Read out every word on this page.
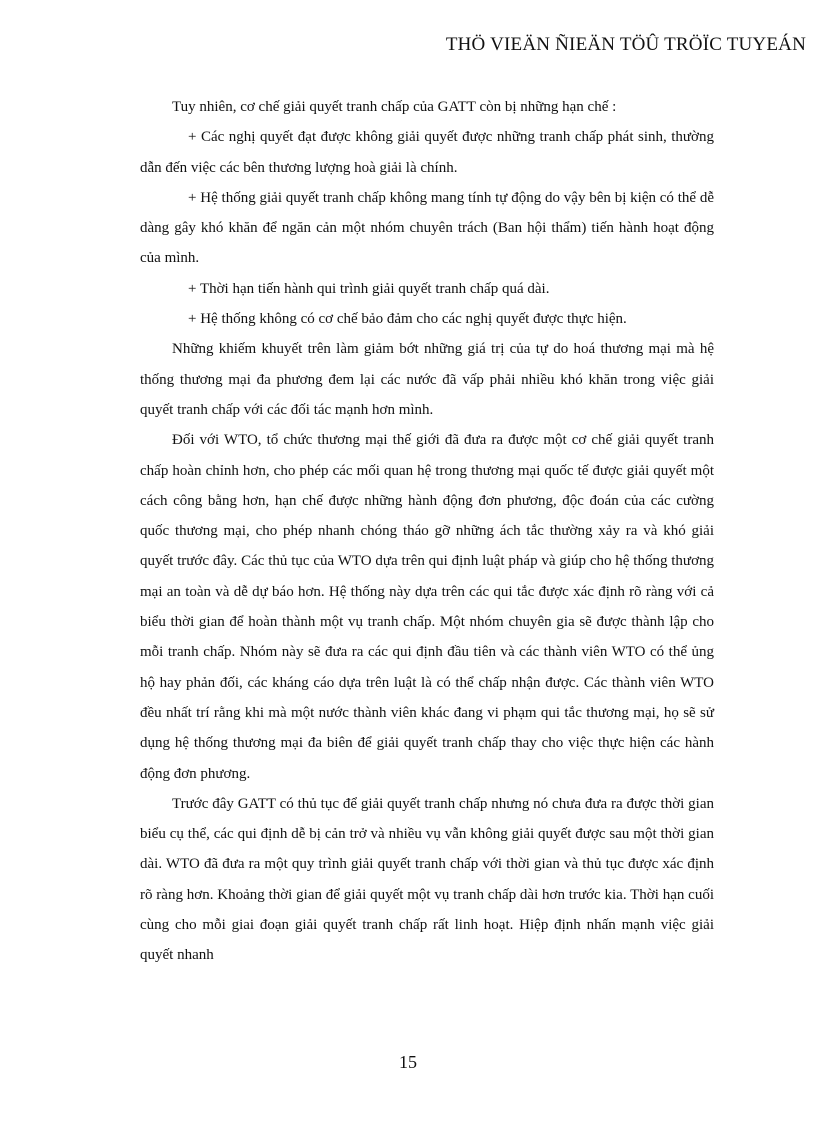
THÖ VIEÄN ÑIEÄN TÖÛ TRÖÏC TUYEÁN

Tuy nhiên, cơ chế giải quyết tranh chấp của GATT còn bị những hạn chế :

+ Các nghị quyết đạt được không giải quyết được những tranh chấp phát sinh, thường dẫn đến việc các bên thương lượng hoà giải là chính.

+ Hệ thống giải quyết tranh chấp không mang tính tự động do vậy bên bị kiện có thể dễ dàng gây khó khăn để ngăn cản một nhóm chuyên trách (Ban hội thẩm) tiến hành hoạt động của mình.

+ Thời hạn tiến hành qui trình giải quyết tranh chấp quá dài.

+ Hệ thống không có cơ chế bảo đảm cho các nghị quyết được thực hiện.

Những khiếm khuyết trên làm giảm bớt những giá trị của tự do hoá thương mại mà hệ thống thương mại đa phương đem lại các nước đã vấp phải nhiều khó khăn trong việc giải quyết tranh chấp với các đối tác mạnh hơn mình.

Đối với WTO, tổ chức thương mại thế giới đã đưa ra được một cơ chế giải quyết tranh chấp hoàn chỉnh hơn, cho phép các mối quan hệ trong thương mại quốc tế được giải quyết một cách công bằng hơn, hạn chế được những hành động đơn phương, độc đoán của các cường quốc thương mại, cho phép nhanh chóng tháo gỡ những ách tắc thường xảy ra và khó giải quyết trước đây. Các thủ tục của WTO dựa trên qui định luật pháp và giúp cho hệ thống thương mại an toàn và dễ dự báo hơn. Hệ thống này dựa trên các qui tắc được xác định rõ ràng với cả biểu thời gian để hoàn thành một vụ tranh chấp. Một nhóm chuyên gia sẽ được thành lập cho mỗi tranh chấp. Nhóm này sẽ đưa ra các qui định đầu tiên và các thành viên WTO có thể ủng hộ hay phản đối, các kháng cáo dựa trên luật là có thể chấp nhận được. Các thành viên WTO đều nhất trí rằng khi mà một nước thành viên khác đang vi phạm qui tắc thương mại, họ sẽ sử dụng hệ thống thương mại đa biên để giải quyết tranh chấp thay cho việc thực hiện các hành động đơn phương.

Trước đây GATT có thủ tục để giải quyết tranh chấp nhưng nó chưa đưa ra được thời gian biểu cụ thể, các qui định dễ bị cản trở và nhiều vụ vẫn không giải quyết được sau một thời gian dài. WTO đã đưa ra một quy trình giải quyết tranh chấp với thời gian và thủ tục được xác định rõ ràng hơn. Khoảng thời gian để giải quyết một vụ tranh chấp dài hơn trước kia. Thời hạn cuối cùng cho mỗi giai đoạn giải quyết tranh chấp rất linh hoạt. Hiệp định nhấn mạnh việc giải quyết nhanh

15
